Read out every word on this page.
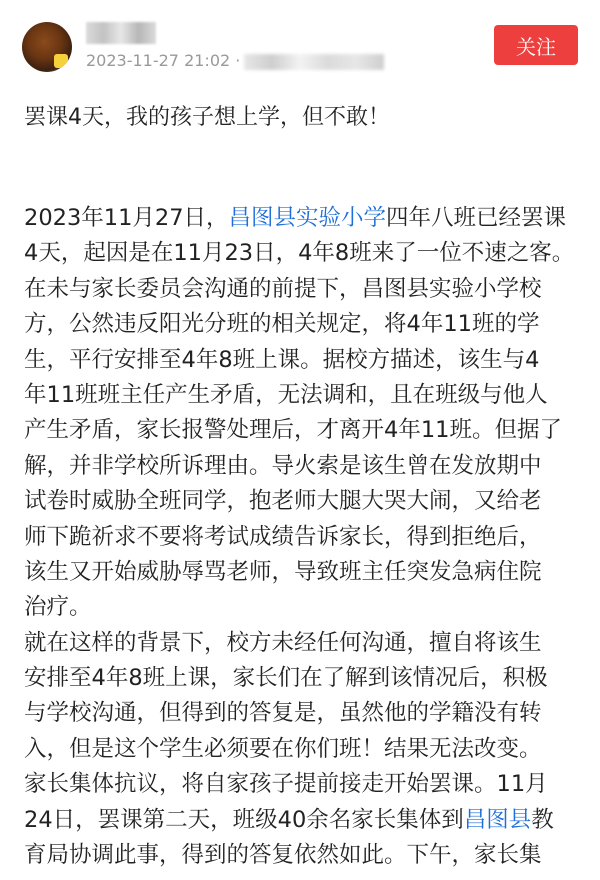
2023-11-27 21:02 ·
关注
罢课4天，我的孩子想上学，但不敢！
2023年11月27日，昌图县实验小学四年八班已经罢课
4天，起因是在11月23日，4年8班来了一位不速之客。
在未与家长委员会沟通的前提下，昌图县实验小学校
方，公然违反阳光分班的相关规定，将4年11班的学
生，平行安排至4年8班上课。据校方描述，该生与4
年11班班主任产生矛盾，无法调和，且在班级与他人
产生矛盾，家长报警处理后，才离开4年11班。但据了
解，并非学校所诉理由。导火索是该生曾在发放期中
试卷时威胁全班同学，抱老师大腿大哭大闹，又给老
师下跪祈求不要将考试成绩告诉家长，得到拒绝后，
该生又开始威胁辱骂老师，导致班主任突发急病住院
治疗。
就在这样的背景下，校方未经任何沟通，擅自将该生
安排至4年8班上课，家长们在了解到该情况后，积极
与学校沟通，但得到的答复是，虽然他的学籍没有转
入，但是这个学生必须要在你们班！结果无法改变。
家长集体抗议，将自家孩子提前接走开始罢课。11月
24日，罢课第二天，班级40余名家长集体到昌图县教
育局协调此事，得到的答复依然如此。下午，家长集
